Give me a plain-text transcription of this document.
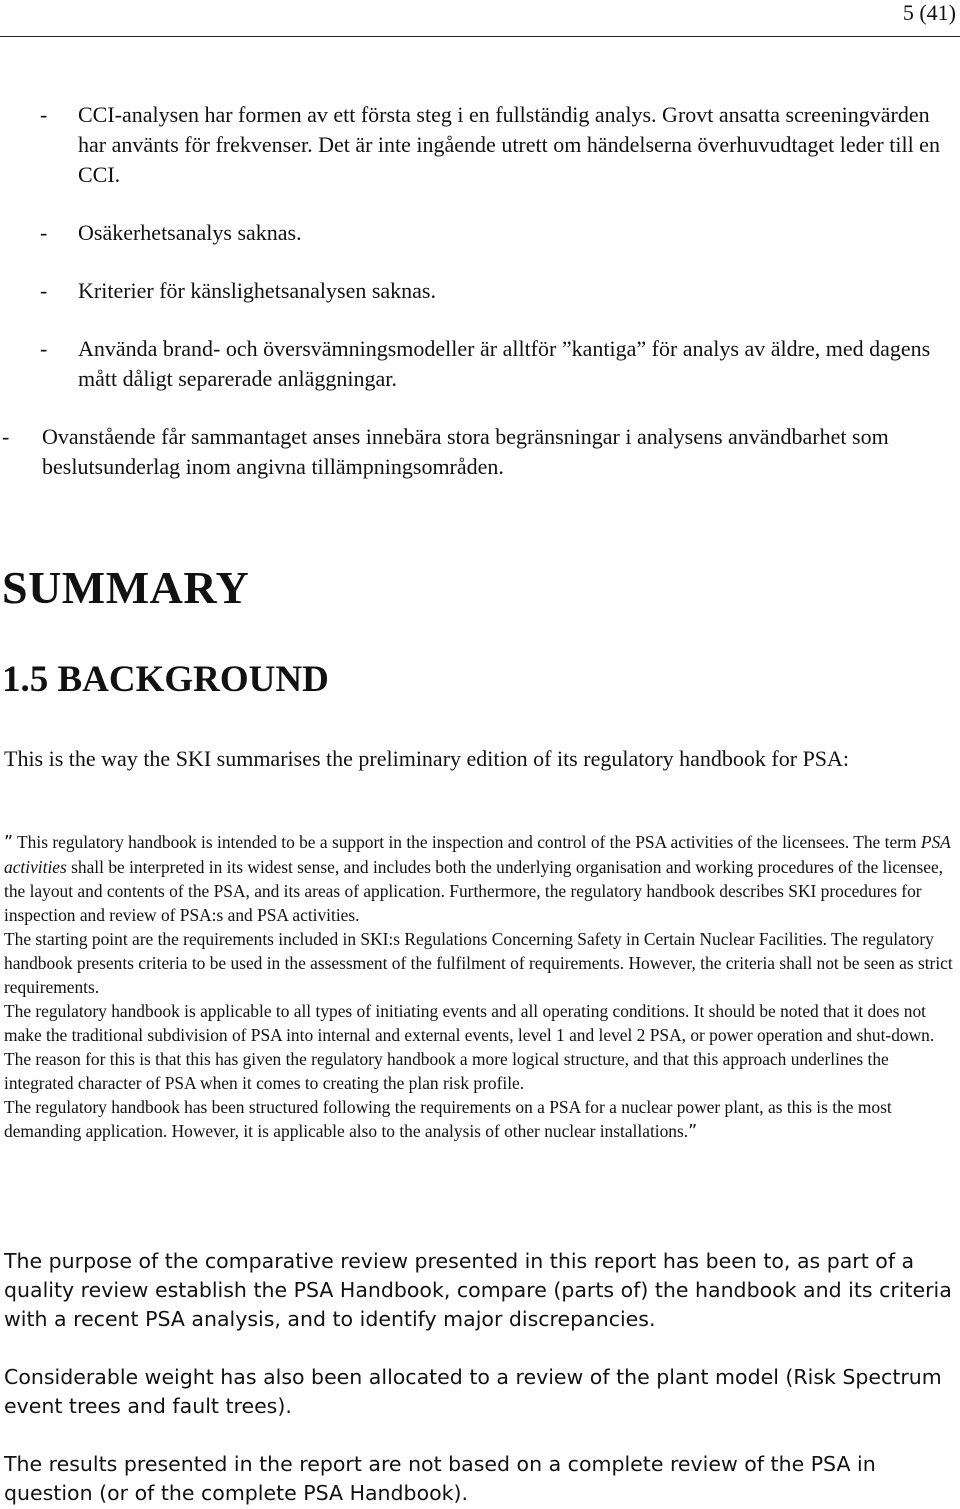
5 (41)
- CCI-analysen har formen av ett första steg i en fullständig analys. Grovt ansatta screeningvärden har använts för frekvenser. Det är inte ingående utrett om händelserna överhuvudtaget leder till en CCI.
- Osäkerhetsanalys saknas.
- Kriterier för känslighetsanalysen saknas.
- Använda brand- och översvämningsmodeller är alltför ”kantiga” för analys av äldre, med dagens mått dåligt separerade anläggningar.
- Ovanstående får sammantaget anses innebära stora begränsningar i analysens användbarhet som beslutsunderlag inom angivna tillämpningsområden.
SUMMARY
1.5 BACKGROUND
This is the way the SKI summarises the preliminary edition of its regulatory handbook for PSA:

” This regulatory handbook is intended to be a support in the inspection and control of the PSA activities of the licensees. The term PSA activities shall be interpreted in its widest sense, and includes both the underlying organisation and working procedures of the licensee, the layout and contents of the PSA, and its areas of application. Furthermore, the regulatory handbook describes SKI procedures for inspection and review of PSA:s and PSA activities.

The starting point are the requirements included in SKI:s Regulations Concerning Safety in Certain Nuclear Facilities. The regulatory handbook presents criteria to be used in the assessment of the fulfilment of requirements. However, the criteria shall not be seen as strict requirements.

The regulatory handbook is applicable to all types of initiating events and all operating conditions. It should be noted that it does not make the traditional subdivision of PSA into internal and external events, level 1 and level 2 PSA, or power operation and shut-down. The reason for this is that this has given the regulatory handbook a more logical structure, and that this approach underlines the integrated character of PSA when it comes to creating the plan risk profile.

The regulatory handbook has been structured following the requirements on a PSA for a nuclear power plant, as this is the most demanding application. However, it is applicable also to the analysis of other nuclear installations.”

The purpose of the comparative review presented in this report has been to, as part of a quality review establish the PSA Handbook, compare (parts of) the handbook and its criteria with a recent PSA analysis, and to identify major discrepancies.
Considerable weight has also been allocated to a review of the plant model (Risk Spectrum event trees and fault trees).
The results presented in the report are not based on a complete review of the PSA in question (or of the complete PSA Handbook).
